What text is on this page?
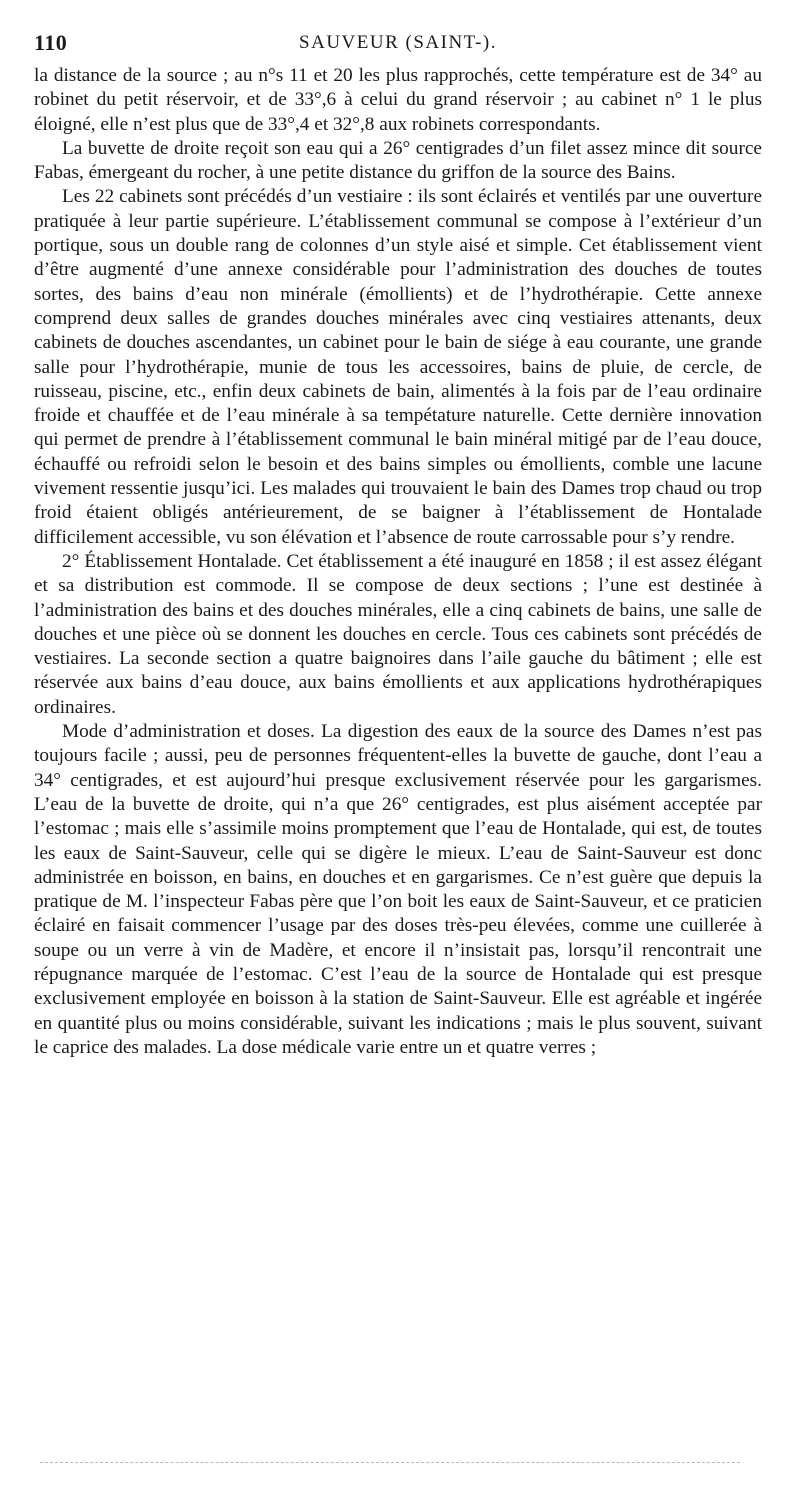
110	SAUVEUR (SAINT-).

la distance de la source ; au n°s 11 et 20 les plus rapprochés, cette température est de 34° au robinet du petit réservoir, et de 33°,6 à celui du grand réservoir ; au cabinet n° 1 le plus éloigné, elle n’est plus que de 33°,4 et 32°,8 aux robinets correspondants.

La buvette de droite reçoit son eau qui a 26° centigrades d’un filet assez mince dit source Fabas, émergeant du rocher, à une petite distance du griffon de la source des Bains.

Les 22 cabinets sont précédés d’un vestiaire : ils sont éclairés et ventilés par une ouverture pratiquée à leur partie supérieure. L’établissement communal se compose à l’extérieur d’un portique, sous un double rang de colonnes d’un style aisé et simple. Cet établissement vient d’être augmenté d’une annexe considérable pour l’administration des douches de toutes sortes, des bains d’eau non minérale (émollients) et de l’hydrothérapie. Cette annexe comprend deux salles de grandes douches minérales avec cinq vestiaires attenants, deux cabinets de douches ascendantes, un cabinet pour le bain de siége à eau courante, une grande salle pour l’hydrothérapie, munie de tous les accessoires, bains de pluie, de cercle, de ruisseau, piscine, etc., enfin deux cabinets de bain, alimentés à la fois par de l’eau ordinaire froide et chauffée et de l’eau minérale à sa tempétature naturelle. Cette dernière innovation qui permet de prendre à l’établissement communal le bain minéral mitigé par de l’eau douce, échauffé ou refroidi selon le besoin et des bains simples ou émollients, comble une lacune vivement ressentie jusqu’ici. Les malades qui trouvaient le bain des Dames trop chaud ou trop froid étaient obligés antérieurement, de se baigner à l’établissement de Hontalade difficilement accessible, vu son élévation et l’absence de route carrossable pour s’y rendre.

2° Établissement Hontalade. Cet établissement a été inauguré en 1858 ; il est assez élégant et sa distribution est commode. Il se compose de deux sections ; l’une est destinée à l’administration des bains et des douches minérales, elle a cinq cabinets de bains, une salle de douches et une pièce où se donnent les douches en cercle. Tous ces cabinets sont précédés de vestiaires. La seconde section a quatre baignoires dans l’aile gauche du bâtiment ; elle est réservée aux bains d’eau douce, aux bains émollients et aux applications hydrothérapiques ordinaires.

Mode d’administration et doses. La digestion des eaux de la source des Dames n’est pas toujours facile ; aussi, peu de personnes fréquentent-elles la buvette de gauche, dont l’eau a 34° centigrades, et est aujourd’hui presque exclusivement réservée pour les gargarismes. L’eau de la buvette de droite, qui n’a que 26° centigrades, est plus aisément acceptée par l’estomac ; mais elle s’assimile moins promptement que l’eau de Hontalade, qui est, de toutes les eaux de Saint-Sauveur, celle qui se digère le mieux. L’eau de Saint-Sauveur est donc administrée en boisson, en bains, en douches et en gargarismes. Ce n’est guère que depuis la pratique de M. l’inspecteur Fabas père que l’on boit les eaux de Saint-Sauveur, et ce praticien éclairé en faisait commencer l’usage par des doses très-peu élevées, comme une cuillerée à soupe ou un verre à vin de Madère, et encore il n’insistait pas, lorsqu’il rencontrait une répugnance marquée de l’estomac. C’est l’eau de la source de Hontalade qui est presque exclusivement employée en boisson à la station de Saint-Sauveur. Elle est agréable et ingérée en quantité plus ou moins considérable, suivant les indications ; mais le plus souvent, suivant le caprice des malades. La dose médicale varie entre un et quatre verres ;
